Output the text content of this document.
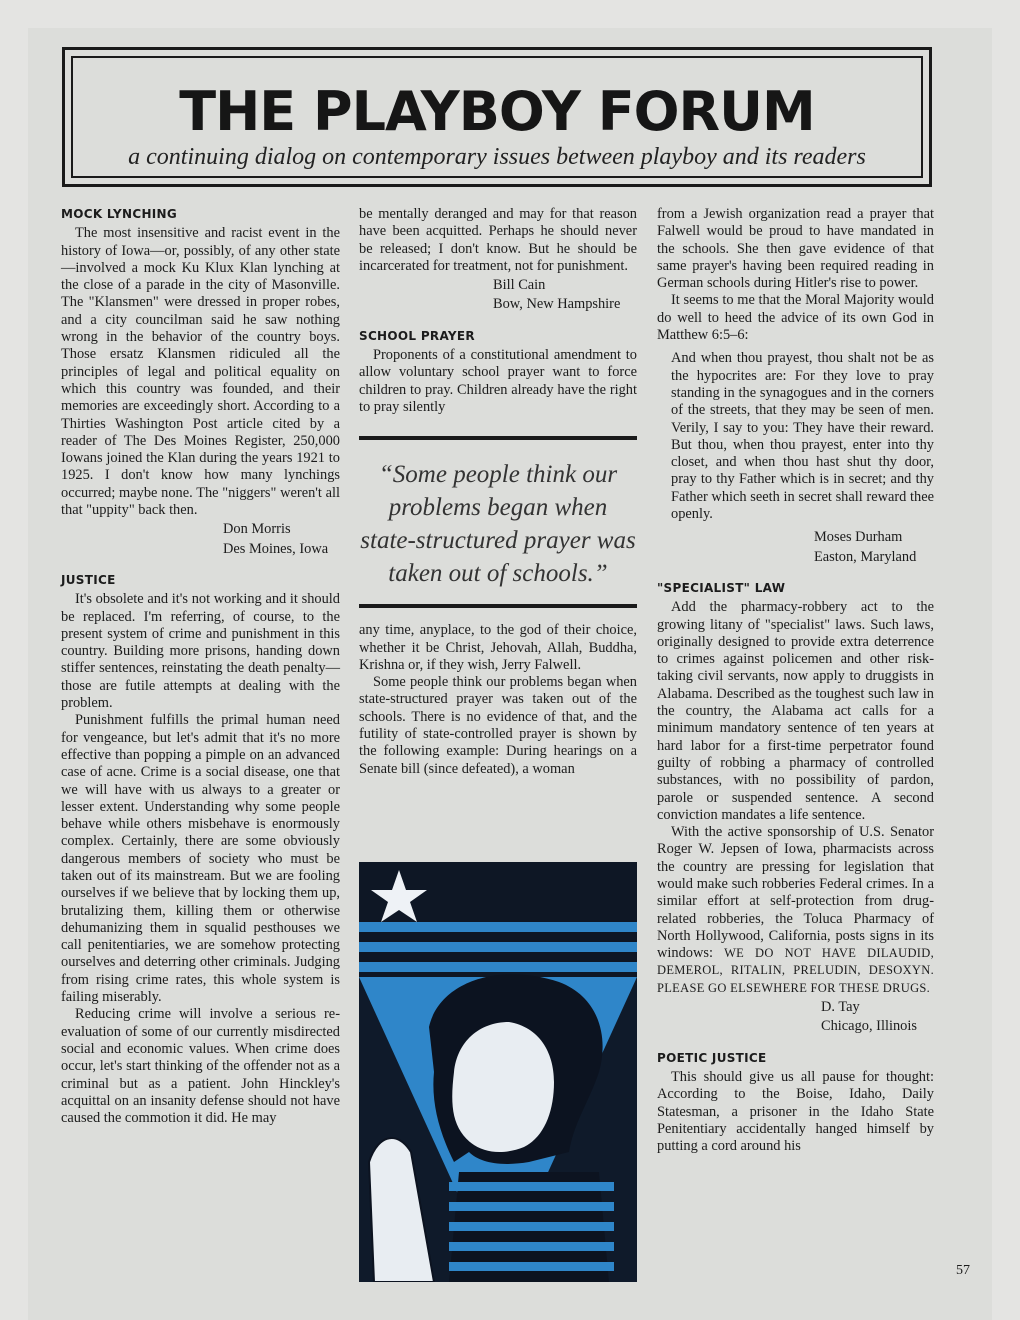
THE PLAYBOY FORUM
a continuing dialog on contemporary issues between playboy and its readers
MOCK LYNCHING

The most insensitive and racist event in the history of Iowa—or, possibly, of any other state—involved a mock Ku Klux Klan lynching at the close of a parade in the city of Masonville. The "Klansmen" were dressed in proper robes, and a city councilman said he saw nothing wrong in the behavior of the country boys. Those ersatz Klansmen ridiculed all the principles of legal and political equality on which this country was founded, and their memories are exceedingly short. According to a Thirties Washington Post article cited by a reader of The Des Moines Register, 250,000 Iowans joined the Klan during the years 1921 to 1925. I don't know how many lynchings occurred; maybe none. The "niggers" weren't all that "uppity" back then.

Don Morris
Des Moines, Iowa
JUSTICE

It's obsolete and it's not working and it should be replaced. I'm referring, of course, to the present system of crime and punishment in this country. Building more prisons, handing down stiffer sentences, reinstating the death penalty—those are futile attempts at dealing with the problem.

Punishment fulfills the primal human need for vengeance, but let's admit that it's no more effective than popping a pimple on an advanced case of acne. Crime is a social disease, one that we will have with us always to a greater or lesser extent. Understanding why some people behave while others misbehave is enormously complex. Certainly, there are some obviously dangerous members of society who must be taken out of its mainstream. But we are fooling ourselves if we believe that by locking them up, brutalizing them, killing them or otherwise dehumanizing them in squalid pesthouses we call penitentiaries, we are somehow protecting ourselves and deterring other criminals. Judging from rising crime rates, this whole system is failing miserably.

Reducing crime will involve a serious re-evaluation of some of our currently misdirected social and economic values. When crime does occur, let's start thinking of the offender not as a criminal but as a patient. John Hinckley's acquittal on an insanity defense should not have caused the commotion it did. He may

be mentally deranged and may for that reason have been acquitted. Perhaps he should never be released; I don't know. But he should be incarcerated for treatment, not for punishment.

Bill Cain
Bow, New Hampshire
SCHOOL PRAYER

Proponents of a constitutional amendment to allow voluntary school prayer want to force children to pray. Children already have the right to pray silently

“Some people think our problems began when state-structured prayer was taken out of schools.”

any time, anyplace, to the god of their choice, whether it be Christ, Jehovah, Allah, Buddha, Krishna or, if they wish, Jerry Falwell.

Some people think our problems began when state-structured prayer was taken out of the schools. There is no evidence of that, and the futility of state-controlled prayer is shown by the following example: During hearings on a Senate bill (since defeated), a woman

from a Jewish organization read a prayer that Falwell would be proud to have mandated in the schools. She then gave evidence of that same prayer's having been required reading in German schools during Hitler's rise to power.

It seems to me that the Moral Majority would do well to heed the advice of its own God in Matthew 6:5–6:

And when thou prayest, thou shalt not be as the hypocrites are: For they love to pray standing in the synagogues and in the corners of the streets, that they may be seen of men. Verily, I say to you: They have their reward. But thou, when thou prayest, enter into thy closet, and when thou hast shut thy door, pray to thy Father which is in secret; and thy Father which seeth in secret shall reward thee openly.
Moses Durham
Easton, Maryland
"SPECIALIST" LAW

Add the pharmacy-robbery act to the growing litany of "specialist" laws. Such laws, originally designed to provide extra deterrence to crimes against policemen and other risk-taking civil servants, now apply to druggists in Alabama. Described as the toughest such law in the country, the Alabama act calls for a minimum mandatory sentence of ten years at hard labor for a first-time perpetrator found guilty of robbing a pharmacy of controlled substances, with no possibility of pardon, parole or suspended sentence. A second conviction mandates a life sentence.

With the active sponsorship of U.S. Senator Roger W. Jepsen of Iowa, pharmacists across the country are pressing for legislation that would make such robberies Federal crimes. In a similar effort at self-protection from drug-related robberies, the Toluca Pharmacy of North Hollywood, California, posts signs in its windows: WE DO NOT HAVE DILAUDID, DEMEROL, RITALIN, PRELUDIN, DESOXYN. PLEASE GO ELSEWHERE FOR THESE DRUGS.

D. Tay
Chicago, Illinois
POETIC JUSTICE

This should give us all pause for thought: According to the Boise, Idaho, Daily Statesman, a prisoner in the Idaho State Penitentiary accidentally hanged himself by putting a cord around his

57
